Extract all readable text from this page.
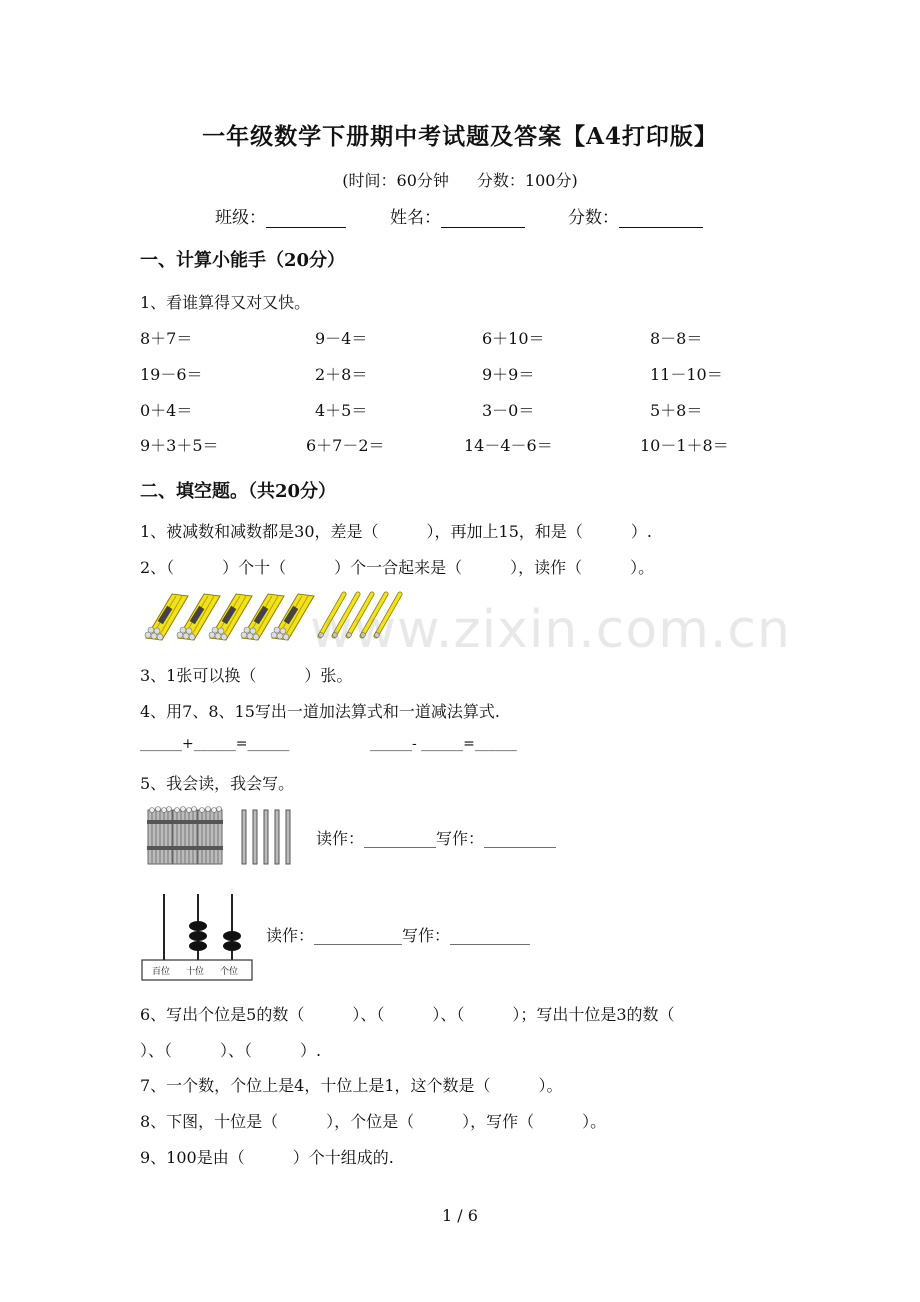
一年级数学下册期中考试题及答案【A4打印版】
(时间：60分钟 分数：100分)
班级：	姓名：	分数：
一、计算小能手（20分）
1、看谁算得又对又快。
8＋7＝	9－4＝	6＋10＝	8－8＝
19－6＝	2＋8＝	9＋9＝	11－10＝
0＋4＝	4＋5＝	3－0＝	5＋8＝
9＋3＋5＝	6＋7－2＝	14－4－6＝	10－1＋8＝
二、填空题。（共20分）
1、被减数和减数都是30，差是（　　　），再加上15，和是（　　　）.
2、（　　　）个十（　　　）个一合起来是（　　　），读作（　　　）。
3、1张可以换（　　　）张。
4、用7、8、15写出一道加法算式和一道减法算式.
______+______=______	______- ______=______
5、我会读，我会写。
读作：_________写作：_________
百位 十位 个位
读作：___________写作：__________
6、写出个位是5的数（　　　）、（　　　）、（　　　）；写出十位是3的数（
）、（　　　）、（　　　）.
7、一个数，个位上是4，十位上是1，这个数是（　　　）。
8、下图，十位是（　　　），个位是（　　　），写作（　　　）。
9、100是由（　　　）个十组成的.
www.zixin.com.cn
1 / 6
